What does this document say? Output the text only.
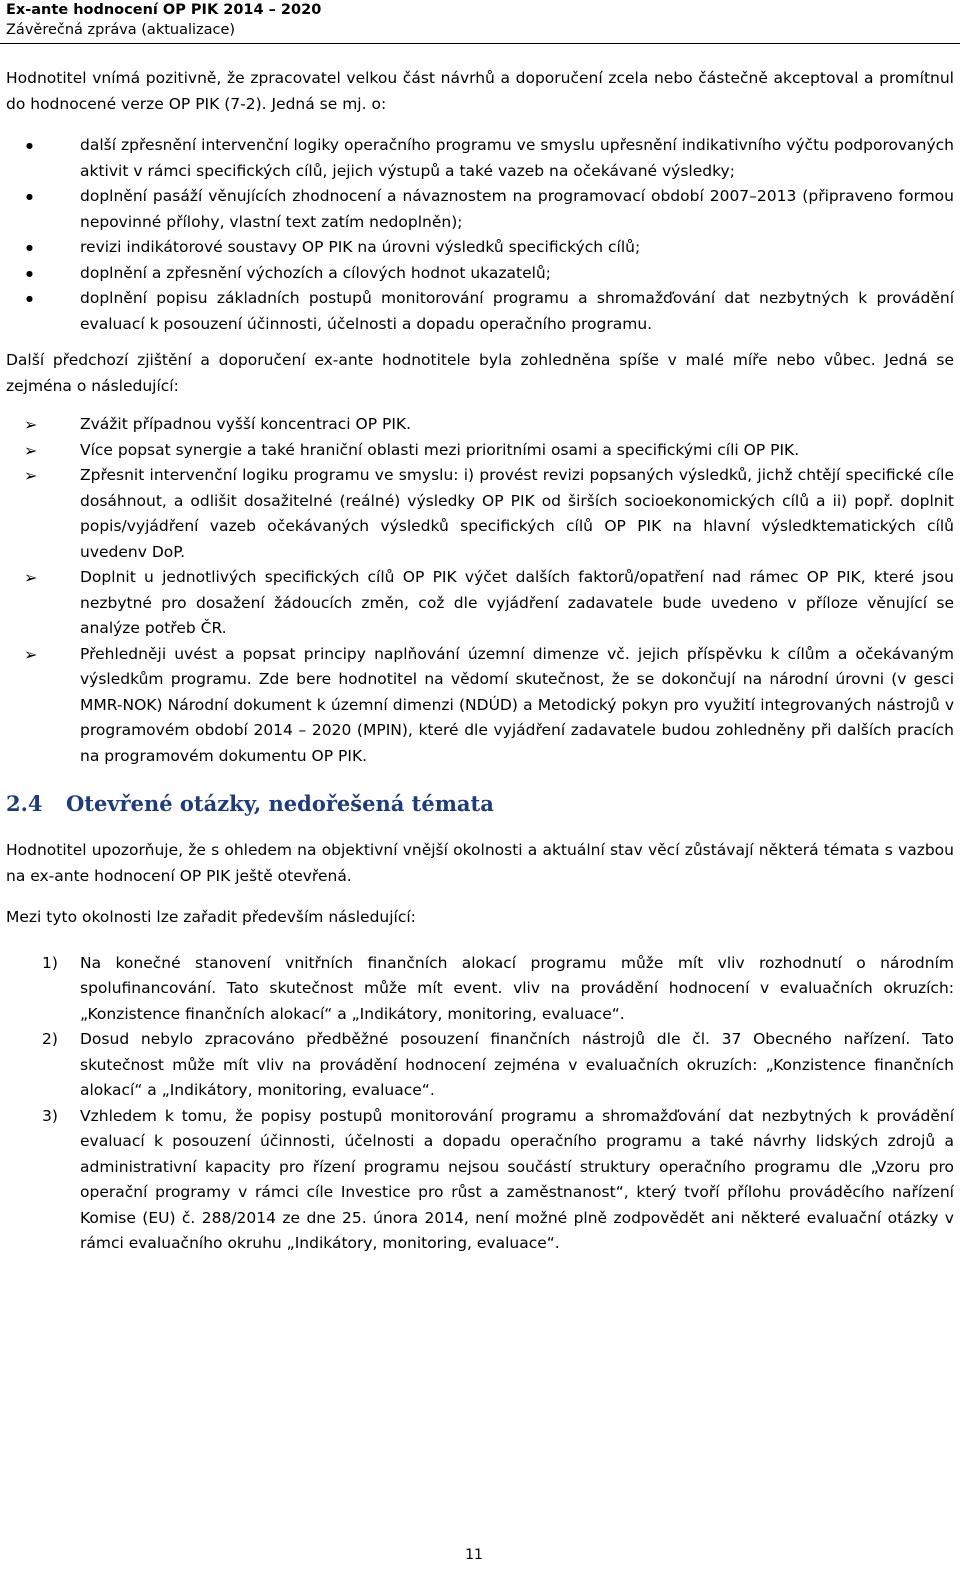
Ex-ante hodnocení OP PIK 2014 – 2020
Závěrečná zpráva (aktualizace)

Hodnotitel vnímá pozitivně, že zpracovatel velkou část návrhů a doporučení zcela nebo částečně akceptoval a promítnul do hodnocené verze OP PIK (7-2). Jedná se mj. o:

● další zpřesnění intervenční logiky operačního programu ve smyslu upřesnění indikativního výčtu podporovaných aktivit v rámci specifických cílů, jejich výstupů a také vazeb na očekávané výsledky;
● doplnění pasáží věnujících zhodnocení a návaznostem na programovací období 2007–2013 (připraveno formou nepovinné přílohy, vlastní text zatím nedoplněn);
● revizi indikátorové soustavy OP PIK na úrovni výsledků specifických cílů;
● doplnění a zpřesnění výchozích a cílových hodnot ukazatelů;
● doplnění popisu základních postupů monitorování programu a shromažďování dat nezbytných k provádění evaluací k posouzení účinnosti, účelnosti a dopadu operačního programu.

Další předchozí zjištění a doporučení ex-ante hodnotitele byla zohledněna spíše v malé míře nebo vůbec. Jedná se zejména o následující:

➢ Zvážit případnou vyšší koncentraci OP PIK.
➢ Více popsat synergie a také hraniční oblasti mezi prioritními osami a specifickými cíli OP PIK.
➢ Zpřesnit intervenční logiku programu ve smyslu: i) provést revizi popsaných výsledků, jichž chtějí specifické cíle dosáhnout, a odlišit dosažitelné (reálné) výsledky OP PIK od širších socioekonomických cílů a ii) popř. doplnit popis/vyjádření vazeb očekávaných výsledků specifických cílů OP PIK na hlavní výsledktematických cílů uvedenv DoP.
➢ Doplnit u jednotlivých specifických cílů OP PIK výčet dalších faktorů/opatření nad rámec OP PIK, které jsou nezbytné pro dosažení žádoucích změn, což dle vyjádření zadavatele bude uvedeno v příloze věnující se analýze potřeb ČR.
➢ Přehledněji uvést a popsat principy naplňování územní dimenze vč. jejich příspěvku k cílům a očekávaným výsledkům programu. Zde bere hodnotitel na vědomí skutečnost, že se dokončují na národní úrovni (v gesci MMR-NOK) Národní dokument k územní dimenzi (NDÚD) a Metodický pokyn pro využití integrovaných nástrojů v programovém období 2014 – 2020 (MPIN), které dle vyjádření zadavatele budou zohledněny při dalších pracích na programovém dokumentu OP PIK.
2.4 Otevřené otázky, nedořešená témata

Hodnotitel upozorňuje, že s ohledem na objektivní vnější okolnosti a aktuální stav věcí zůstávají některá témata s vazbou na ex-ante hodnocení OP PIK ještě otevřená.

Mezi tyto okolnosti lze zařadit především následující:

1)	Na konečné stanovení vnitřních finančních alokací programu může mít vliv rozhodnutí o národním spolufinancování. Tato skutečnost může mít event. vliv na provádění hodnocení v evaluačních okruzích: „Konzistence finančních alokací“ a „Indikátory, monitoring, evaluace“.
2)	Dosud nebylo zpracováno předběžné posouzení finančních nástrojů dle čl. 37 Obecného nařízení. Tato skutečnost může mít vliv na provádění hodnocení zejména v evaluačních okruzích: „Konzistence finančních alokací“ a „Indikátory, monitoring, evaluace“.
3)	Vzhledem k tomu, že popisy postupů monitorování programu a shromažďování dat nezbytných k provádění evaluací k posouzení účinnosti, účelnosti a dopadu operačního programu a také návrhy lidských zdrojů a administrativní kapacity pro řízení programu nejsou součástí struktury operačního programu dle „Vzoru pro operační programy v rámci cíle Investice pro růst a zaměstnanost“, který tvoří přílohu prováděcího nařízení Komise (EU) č. 288/2014 ze dne 25. února 2014, není možné plně zodpovědět ani některé evaluační otázky v rámci evaluačního okruhu „Indikátory, monitoring, evaluace“.
11
